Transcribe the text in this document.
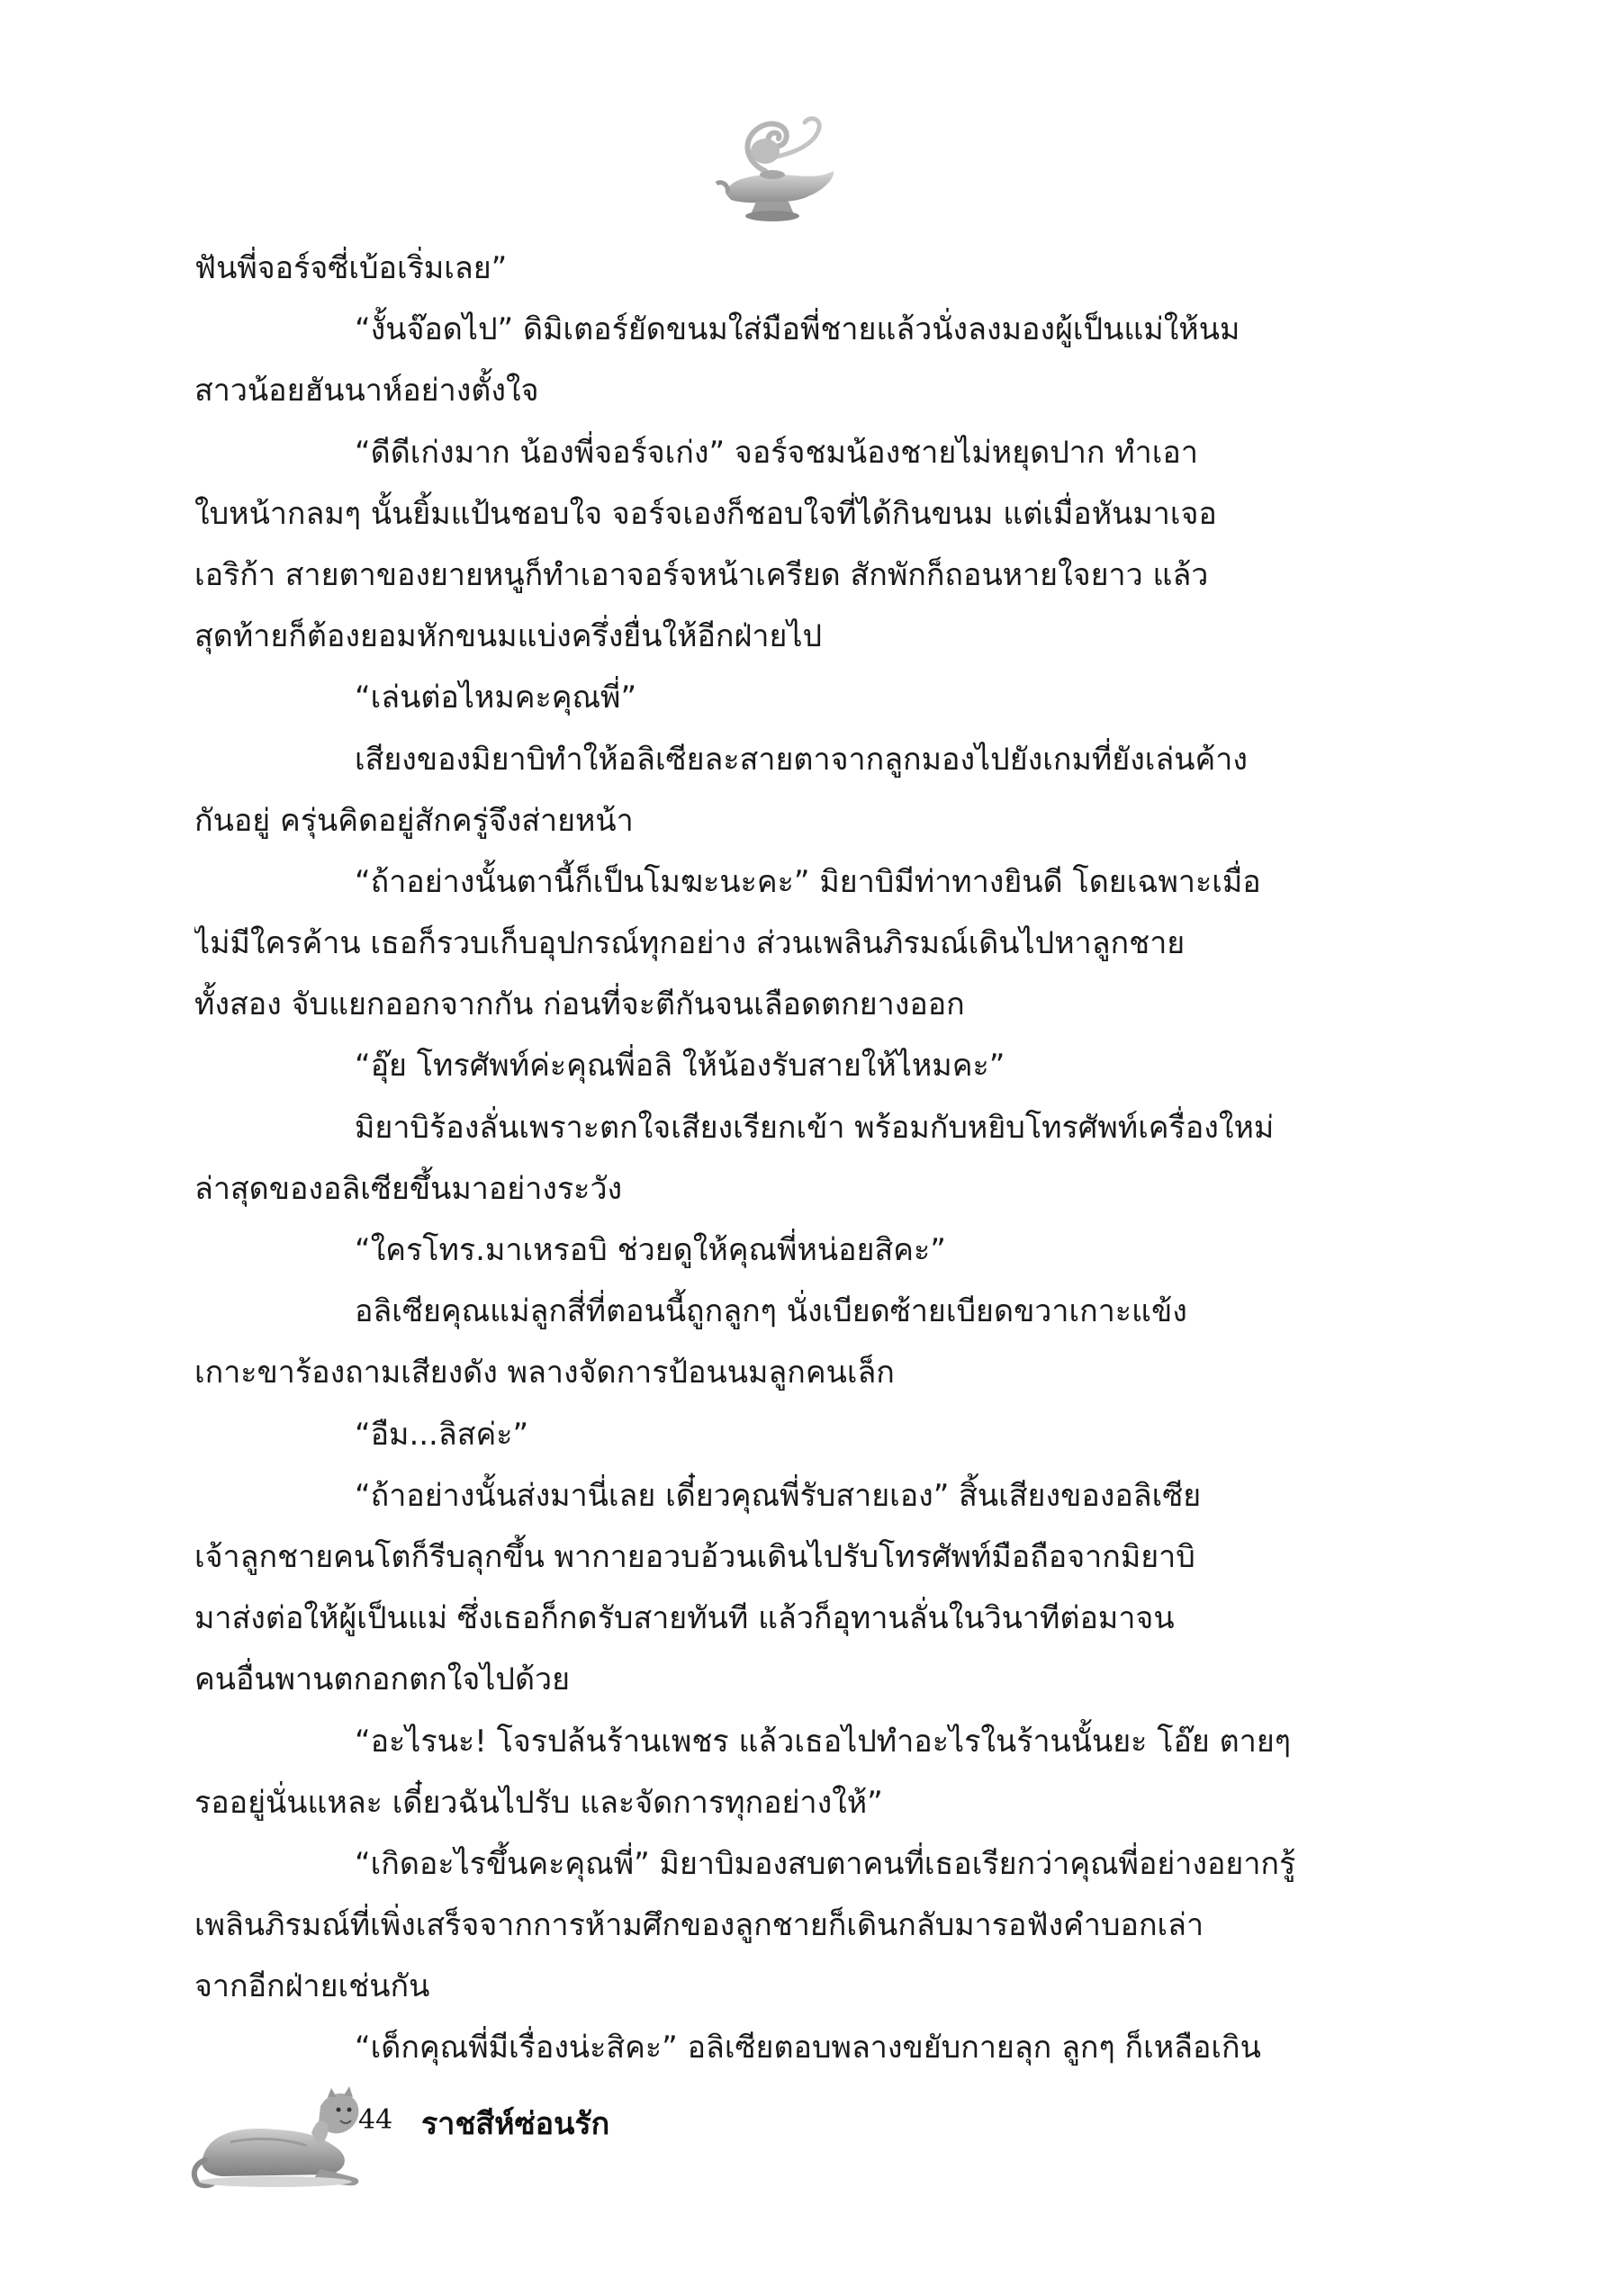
ฟันพี่จอร์จซี่เบ้อเริ่มเลย”
“งั้นจ๊อดไป” ดิมิเตอร์ยัดขนมใส่มือพี่ชายแล้วนั่งลงมองผู้เป็นแม่ให้นม
สาวน้อยฮันนาห์อย่างตั้งใจ
“ดีดีเก่งมาก น้องพี่จอร์จเก่ง” จอร์จชมน้องชายไม่หยุดปาก ทำเอา
ใบหน้ากลมๆ นั้นยิ้มแป้นชอบใจ จอร์จเองก็ชอบใจที่ได้กินขนม แต่เมื่อหันมาเจอ
เอริก้า สายตาของยายหนูก็ทำเอาจอร์จหน้าเครียด สักพักก็ถอนหายใจยาว แล้ว
สุดท้ายก็ต้องยอมหักขนมแบ่งครึ่งยื่นให้อีกฝ่ายไป
“เล่นต่อไหมคะคุณพี่”
เสียงของมิยาบิทำให้อลิเซียละสายตาจากลูกมองไปยังเกมที่ยังเล่นค้าง
กันอยู่ ครุ่นคิดอยู่สักครู่จึงส่ายหน้า
“ถ้าอย่างนั้นตานี้ก็เป็นโมฆะนะคะ” มิยาบิมีท่าทางยินดี โดยเฉพาะเมื่อ
ไม่มีใครค้าน เธอก็รวบเก็บอุปกรณ์ทุกอย่าง ส่วนเพลินภิรมณ์เดินไปหาลูกชาย
ทั้งสอง จับแยกออกจากกัน ก่อนที่จะตีกันจนเลือดตกยางออก
“อุ๊ย โทรศัพท์ค่ะคุณพี่อลิ ให้น้องรับสายให้ไหมคะ”
มิยาบิร้องลั่นเพราะตกใจเสียงเรียกเข้า พร้อมกับหยิบโทรศัพท์เครื่องใหม่
ล่าสุดของอลิเซียขึ้นมาอย่างระวัง
“ใครโทร.มาเหรอบิ ช่วยดูให้คุณพี่หน่อยสิคะ”
อลิเซียคุณแม่ลูกสี่ที่ตอนนี้ถูกลูกๆ นั่งเบียดซ้ายเบียดขวาเกาะแข้ง
เกาะขาร้องถามเสียงดัง พลางจัดการป้อนนมลูกคนเล็ก
“อืม...ลิสค่ะ”
“ถ้าอย่างนั้นส่งมานี่เลย เดี๋ยวคุณพี่รับสายเอง” สิ้นเสียงของอลิเซีย
เจ้าลูกชายคนโตก็รีบลุกขึ้น พากายอวบอ้วนเดินไปรับโทรศัพท์มือถือจากมิยาบิ
มาส่งต่อให้ผู้เป็นแม่ ซึ่งเธอก็กดรับสายทันที แล้วก็อุทานลั่นในวินาทีต่อมาจน
คนอื่นพานตกอกตกใจไปด้วย
“อะไรนะ! โจรปล้นร้านเพชร แล้วเธอไปทำอะไรในร้านนั้นยะ โอ๊ย ตายๆ
รออยู่นั่นแหละ เดี๋ยวฉันไปรับ และจัดการทุกอย่างให้”
“เกิดอะไรขึ้นคะคุณพี่” มิยาบิมองสบตาคนที่เธอเรียกว่าคุณพี่อย่างอยากรู้
เพลินภิรมณ์ที่เพิ่งเสร็จจากการห้ามศึกของลูกชายก็เดินกลับมารอฟังคำบอกเล่า
จากอีกฝ่ายเช่นกัน
“เด็กคุณพี่มีเรื่องน่ะสิคะ” อลิเซียตอบพลางขยับกายลุก ลูกๆ ก็เหลือเกิน
44 ราชสีห์ซ่อนรัก
